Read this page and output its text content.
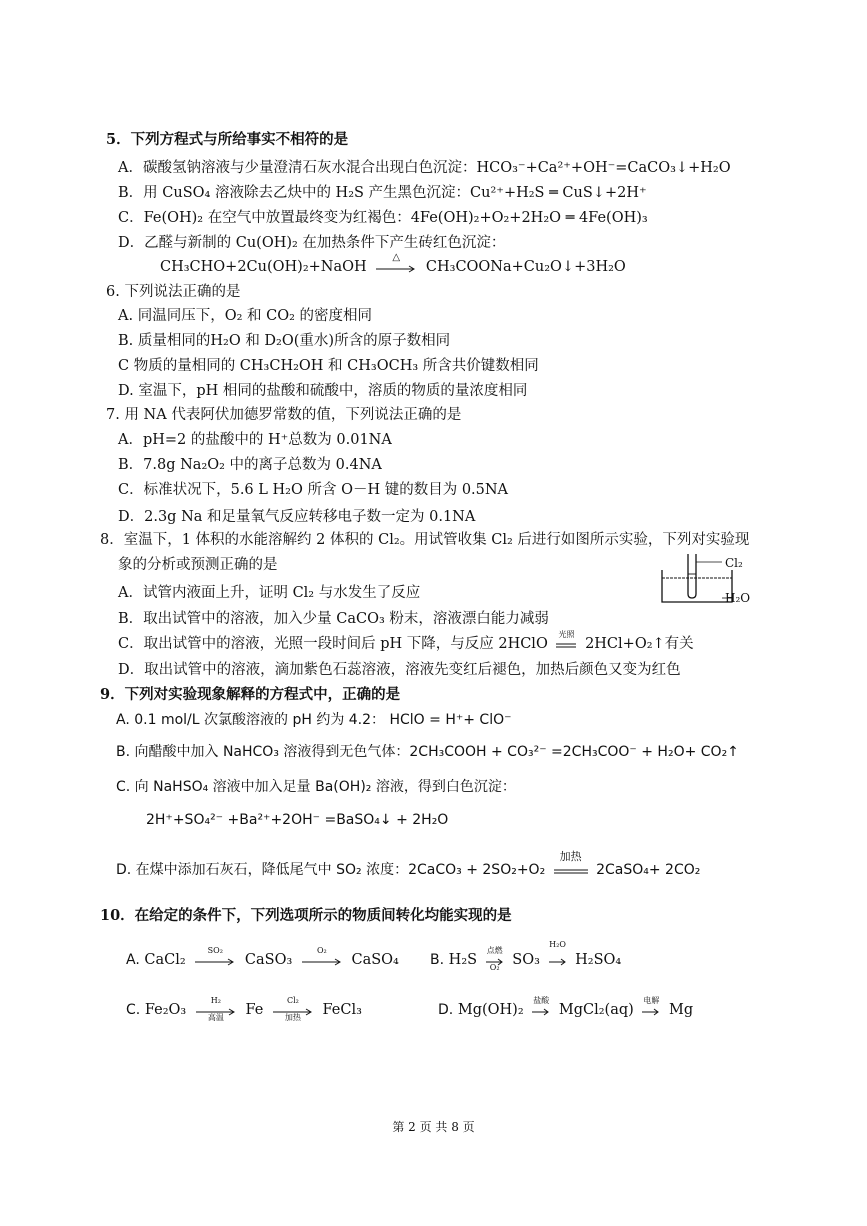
5．下列方程式与所给事实不相符的是
A．碳酸氢钠溶液与少量澄清石灰水混合出现白色沉淀：HCO₃⁻+Ca²⁺+OH⁻=CaCO₃↓+H₂O
B．用 CuSO₄ 溶液除去乙炔中的 H₂S 产生黑色沉淀：Cu²⁺+H₂S ═ CuS↓+2H⁺
C．Fe(OH)₂ 在空气中放置最终变为红褐色：4Fe(OH)₂+O₂+2H₂O ═ 4Fe(OH)₃
D．乙醛与新制的 Cu(OH)₂ 在加热条件下产生砖红色沉淀：
CH₃CHO+2Cu(OH)₂+NaOH
△
CH₃COONa+Cu₂O↓+3H₂O
6. 下列说法正确的是
A. 同温同压下，O₂ 和 CO₂ 的密度相同
B. 质量相同的H₂O 和 D₂O(重水)所含的原子数相同
C 物质的量相同的 CH₃CH₂OH 和 CH₃OCH₃ 所含共价键数相同
D. 室温下，pH 相同的盐酸和硫酸中，溶质的物质的量浓度相同
7. 用 NA 代表阿伏加德罗常数的值，下列说法正确的是
A．pH=2 的盐酸中的 H⁺总数为 0.01NA
B．7.8g Na₂O₂ 中的离子总数为 0.4NA
C．标准状况下，5.6 L H₂O 所含 O－H 键的数目为 0.5NA
D．2.3g Na 和足量氧气反应转移电子数一定为 0.1NA
8．室温下，1 体积的水能溶解约 2 体积的 Cl₂。用试管收集 Cl₂ 后进行如图所示实验，下列对实验现
象的分析或预测正确的是
A．试管内液面上升，证明 Cl₂ 与水发生了反应
B．取出试管中的溶液，加入少量 CaCO₃ 粉末，溶液漂白能力减弱
C．取出试管中的溶液，光照一段时间后 pH 下降，与反应 2HClO
光照
2HCl+O₂↑有关
D．取出试管中的溶液，滴加紫色石蕊溶液，溶液先变红后褪色，加热后颜色又变为红色
Cl₂
H₂O
9．下列对实验现象解释的方程式中，正确的是
A. 0.1 mol/L 次氯酸溶液的 pH 约为 4.2： HClO = H⁺+ ClO⁻
B. 向醋酸中加入 NaHCO₃ 溶液得到无色气体：2CH₃COOH + CO₃²⁻ =2CH₃COO⁻ + H₂O+ CO₂↑
C. 向 NaHSO₄ 溶液中加入足量 Ba(OH)₂ 溶液，得到白色沉淀：
2H⁺+SO₄²⁻ +Ba²⁺+2OH⁻ =BaSO₄↓ + 2H₂O
D. 在煤中添加石灰石，降低尾气中 SO₂ 浓度：2CaCO₃ + 2SO₂+O₂
加热
2CaSO₄+ 2CO₂
10．在给定的条件下，下列选项所示的物质间转化均能实现的是
A. CaCl₂
SO₂
CaSO₃
O₂
CaSO₄ B. H₂S
点燃
O₂ SO₃
H₂O
H₂SO₄
C. Fe₂O₃
H₂
高温	Fe
Cl₂
加热	FeCl₃	D. Mg(OH)₂
盐酸
MgCl₂(aq)
电解
Mg
第 2 页 共 8 页
